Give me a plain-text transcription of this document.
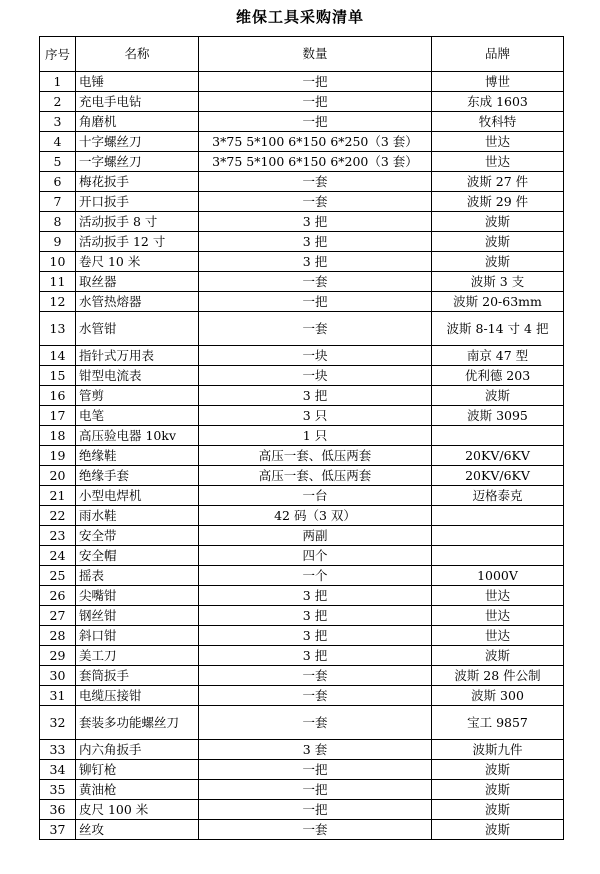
维保工具采购清单
序号	名称	数量	品牌
1	电锤	一把	博世
2	充电手电钻	一把	东成 1603
3	角磨机	一把	牧科特
4	十字螺丝刀	3*75 5*100 6*150 6*250（3 套）	世达
5	一字螺丝刀	3*75 5*100 6*150 6*200（3 套）	世达
6	梅花扳手	一套	波斯 27 件
7	开口扳手	一套	波斯 29 件
8	活动扳手 8 寸	3 把	波斯
9	活动扳手 12 寸	3 把	波斯
10	卷尺 10 米	3 把	波斯
11	取丝器	一套	波斯 3 支
12	水管热熔器	一把	波斯 20-63mm
13	水管钳	一套	波斯 8-14 寸 4 把
14	指针式万用表	一块	南京 47 型
15	钳型电流表	一块	优利德 203
16	管剪	3 把	波斯
17	电笔	3 只	波斯 3095
18	高压验电器 10kv	1 只	
19	绝缘鞋	高压一套、低压两套	20KV/6KV
20	绝缘手套	高压一套、低压两套	20KV/6KV
21	小型电焊机	一台	迈格泰克
22	雨水鞋	42 码（3 双）	
23	安全带	两副	
24	安全帽	四个	
25	摇表	一个	1000V
26	尖嘴钳	3 把	世达
27	钢丝钳	3 把	世达
28	斜口钳	3 把	世达
29	美工刀	3 把	波斯
30	套筒扳手	一套	波斯 28 件公制
31	电缆压接钳	一套	波斯 300
32	套装多功能螺丝刀	一套	宝工 9857
33	内六角扳手	3 套	波斯九件
34	铆钉枪	一把	波斯
35	黄油枪	一把	波斯
36	皮尺 100 米	一把	波斯
37	丝攻	一套	波斯
